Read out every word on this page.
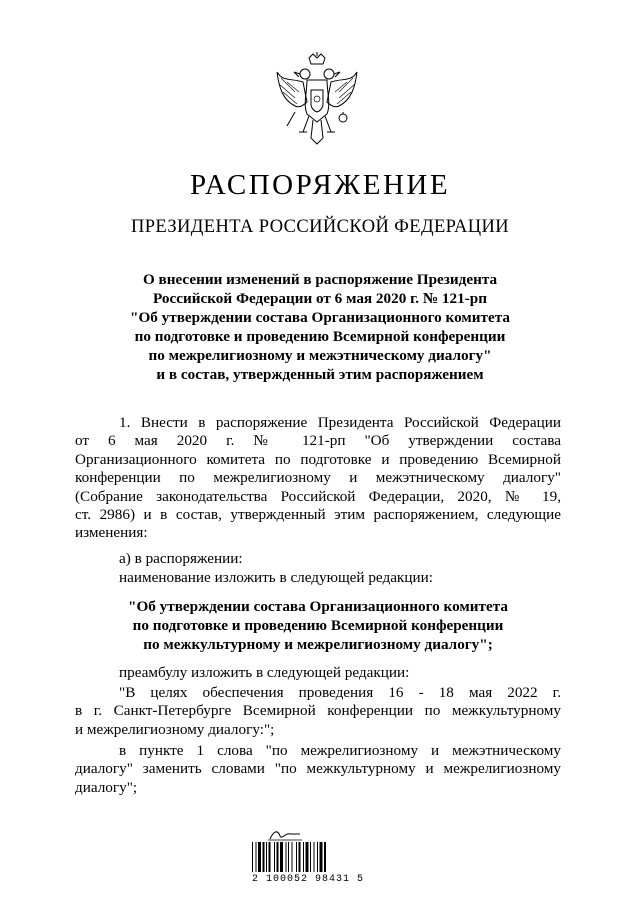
РАСПОРЯЖЕНИЕ
ПРЕЗИДЕНТА РОССИЙСКОЙ ФЕДЕРАЦИИ
О внесении изменений в распоряжение Президента
Российской Федерации от 6 мая 2020 г. № 121-рп
"Об утверждении состава Организационного комитета
по подготовке и проведению Всемирной конференции
по межрелигиозному и межэтническому диалогу"
и в состав, утвержденный этим распоряжением
1. Внести в распоряжение Президента Российской Федерации
от 6 мая 2020 г. № 121-рп "Об утверждении состава
Организационного комитета по подготовке и проведению Всемирной
конференции по межрелигиозному и межэтническому диалогу"
(Собрание законодательства Российской Федерации, 2020, № 19,
ст. 2986) и в состав, утвержденный этим распоряжением, следующие
изменения:
а) в распоряжении:
наименование изложить в следующей редакции:
"Об утверждении состава Организационного комитета
по подготовке и проведению Всемирной конференции
по межкультурному и межрелигиозному диалогу";
преамбулу изложить в следующей редакции:
"В целях обеспечения проведения 16 - 18 мая 2022 г.
в г. Санкт-Петербурге Всемирной конференции по межкультурному
и межрелигиозному диалогу:";
в пункте 1 слова "по межрелигиозному и межэтническому
диалогу" заменить словами "по межкультурному и межрелигиозному
диалогу";
2 100052 98431 5
